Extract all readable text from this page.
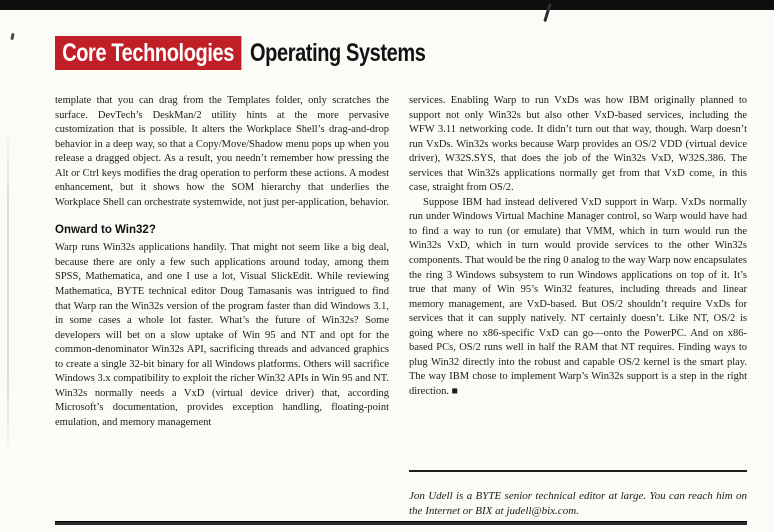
Core Technologies Operating Systems

template that you can drag from the Templates folder, only scratches the surface. DevTech’s DeskMan/2 utility hints at the more pervasive customization that is possible. It alters the Workplace Shell’s drag-and-drop behavior in a deep way, so that a Copy/Move/Shadow menu pops up when you release a dragged object. As a result, you needn’t remember how pressing the Alt or Ctrl keys modifies the drag operation to perform these actions. A modest enhancement, but it shows how the SOM hierarchy that underlies the Workplace Shell can orchestrate systemwide, not just per-application, behavior.

Onward to Win32?

Warp runs Win32s applications handily. That might not seem like a big deal, because there are only a few such applications around today, among them SPSS, Mathematica, and one I use a lot, Visual SlickEdit. While reviewing Mathematica, BYTE technical editor Doug Tamasanis was intrigued to find that Warp ran the Win32s version of the program faster than did Windows 3.1, in some cases a whole lot faster. What’s the future of Win32s? Some developers will bet on a slow uptake of Win 95 and NT and opt for the common-denominator Win32s API, sacrificing threads and advanced graphics to create a single 32-bit binary for all Windows platforms. Others will sacrifice Windows 3.x compatibility to exploit the richer Win32 APIs in Win 95 and NT. Win32s normally needs a VxD (virtual device driver) that, according Microsoft’s documentation, provides exception handling, floating-point emulation, and memory management

services. Enabling Warp to run VxDs was how IBM originally planned to support not only Win32s but also other VxD-based services, including the WFW 3.11 networking code. It didn’t turn out that way, though. Warp doesn’t run VxDs. Win32s works because Warp provides an OS/2 VDD (virtual device driver), W32S.SYS, that does the job of the Win32s VxD, W32S.386. The services that Win32s applications normally get from that VxD come, in this case, straight from OS/2.

Suppose IBM had instead delivered VxD support in Warp. VxDs normally run under Windows Virtual Machine Manager control, so Warp would have had to find a way to run (or emulate) that VMM, which in turn would run the Win32s VxD, which in turn would provide services to the other Win32s components. That would be the ring 0 analog to the way Warp now encapsulates the ring 3 Windows subsystem to run Windows applications on top of it. It’s true that many of Win 95’s Win32 features, including threads and linear memory management, are VxD-based. But OS/2 shouldn’t require VxDs for services that it can supply natively. NT certainly doesn’t. Like NT, OS/2 is going where no x86-specific VxD can go—onto the PowerPC. And on x86-based PCs, OS/2 runs well in half the RAM that NT requires. Finding ways to plug Win32 directly into the robust and capable OS/2 kernel is the smart play. The way IBM chose to implement Warp’s Win32s support is a step in the right direction. ■

Jon Udell is a BYTE senior technical editor at large. You can reach him on the Internet or BIX at judell@bix.com.
